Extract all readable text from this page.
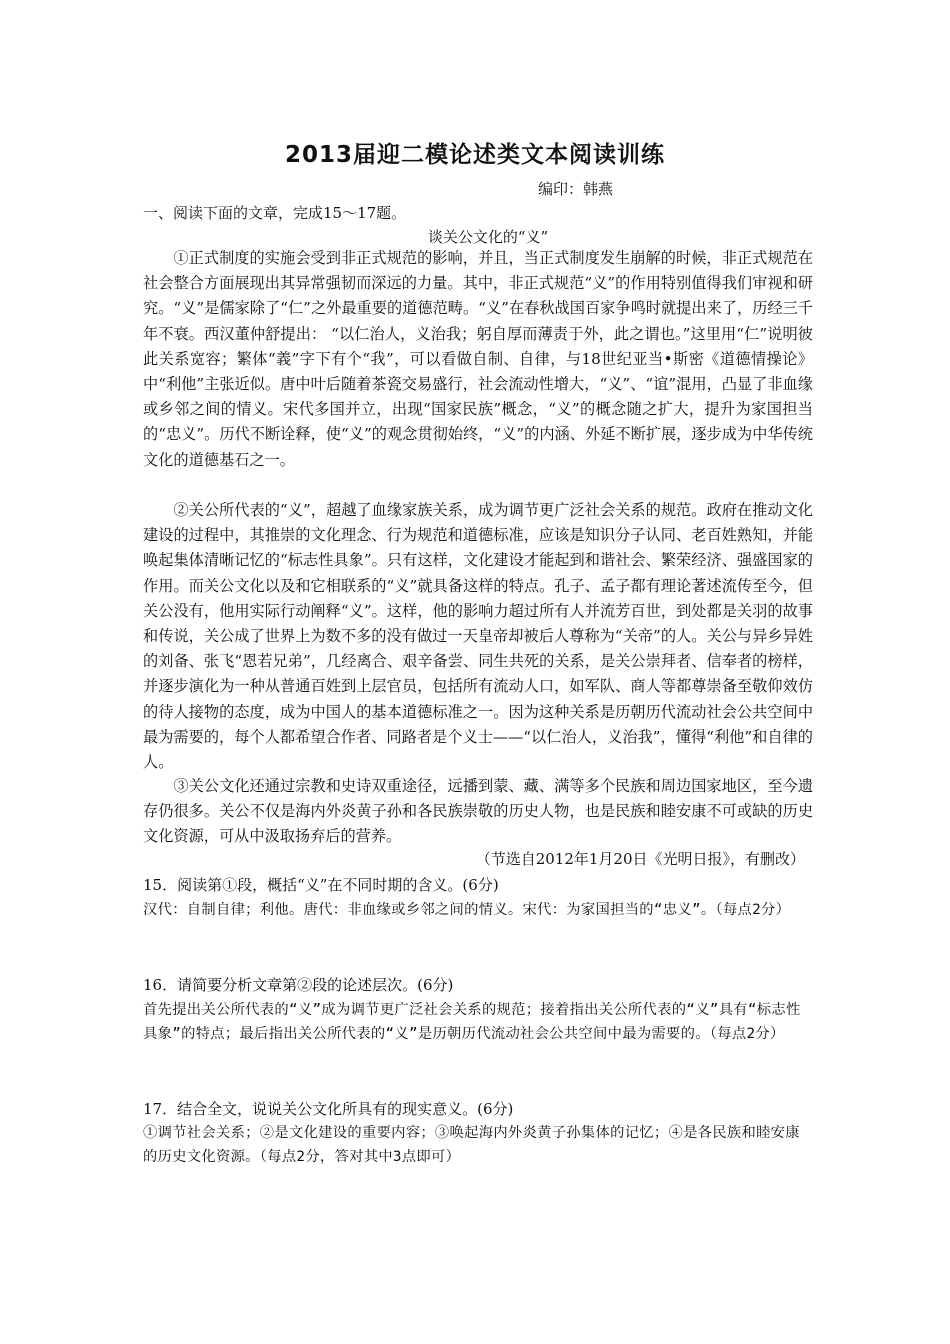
2013届迎二模论述类文本阅读训练
编印：韩燕
一、阅读下面的文章，完成15～17题。
谈关公文化的“义”

①正式制度的实施会受到非正式规范的影响，并且，当正式制度发生崩解的时候，非正式规范在社会整合方面展现出其异常强韧而深远的力量。其中，非正式规范“义”的作用特别值得我们审视和研究。“义”是儒家除了“仁”之外最重要的道德范畴。“义”在春秋战国百家争鸣时就提出来了，历经三千年不衰。西汉董仲舒提出： “以仁治人，义治我；躬自厚而薄责于外，此之谓也。”这里用“仁”说明彼此关系宽容；繁体“義”字下有个“我”，可以看做自制、自律，与18世纪亚当•斯密《道德情操论》中“利他”主张近似。唐中叶后随着茶瓷交易盛行，社会流动性增大，“义”、“谊”混用，凸显了非血缘或乡邻之间的情义。宋代多国并立，出现“国家民族”概念，“义”的概念随之扩大，提升为家国担当的“忠义”。历代不断诠释，使“义”的观念贯彻始终，“义”的内涵、外延不断扩展，逐步成为中华传统文化的道德基石之一。

②关公所代表的“义”，超越了血缘家族关系，成为调节更广泛社会关系的规范。政府在推动文化建设的过程中，其推崇的文化理念、行为规范和道德标准，应该是知识分子认同、老百姓熟知，并能唤起集体清晰记忆的“标志性具象”。只有这样，文化建设才能起到和谐社会、繁荣经济、强盛国家的作用。而关公文化以及和它相联系的“义”就具备这样的特点。孔子、孟子都有理论著述流传至今，但关公没有，他用实际行动阐释“义”。这样，他的影响力超过所有人并流芳百世，到处都是关羽的故事和传说，关公成了世界上为数不多的没有做过一天皇帝却被后人尊称为“关帝”的人。关公与异乡异姓的刘备、张飞“恩若兄弟”，几经离合、艰辛备尝、同生共死的关系，是关公崇拜者、信奉者的榜样，并逐步演化为一种从普通百姓到上层官员，包括所有流动人口，如军队、商人等都尊崇备至敬仰效仿的待人接物的态度，成为中国人的基本道德标准之一。因为这种关系是历朝历代流动社会公共空间中最为需要的，每个人都希望合作者、同路者是个义士——“以仁治人，义治我”，懂得“利他”和自律的人。

③关公文化还通过宗教和史诗双重途径，远播到蒙、藏、满等多个民族和周边国家地区，至今遗存仍很多。关公不仅是海内外炎黄子孙和各民族崇敬的历史人物，也是民族和睦安康不可或缺的历史文化资源，可从中汲取扬弃后的营养。

（节选自2012年1月20日《光明日报》，有删改）

15．阅读第①段，概括“义”在不同时期的含义。(6分)

汉代：自制自律；利他。唐代：非血缘或乡邻之间的情义。宋代：为家国担当的“忠义”。（每点2分）

16．请简要分析文章第②段的论述层次。(6分)

首先提出关公所代表的“义”成为调节更广泛社会关系的规范；接着指出关公所代表的“义”具有“标志性具象”的特点；最后指出关公所代表的“义”是历朝历代流动社会公共空间中最为需要的。（每点2分）

17．结合全文，说说关公文化所具有的现实意义。(6分)

①调节社会关系；②是文化建设的重要内容；③唤起海内外炎黄子孙集体的记忆；④是各民族和睦安康的历史文化资源。（每点2分，答对其中3点即可）
